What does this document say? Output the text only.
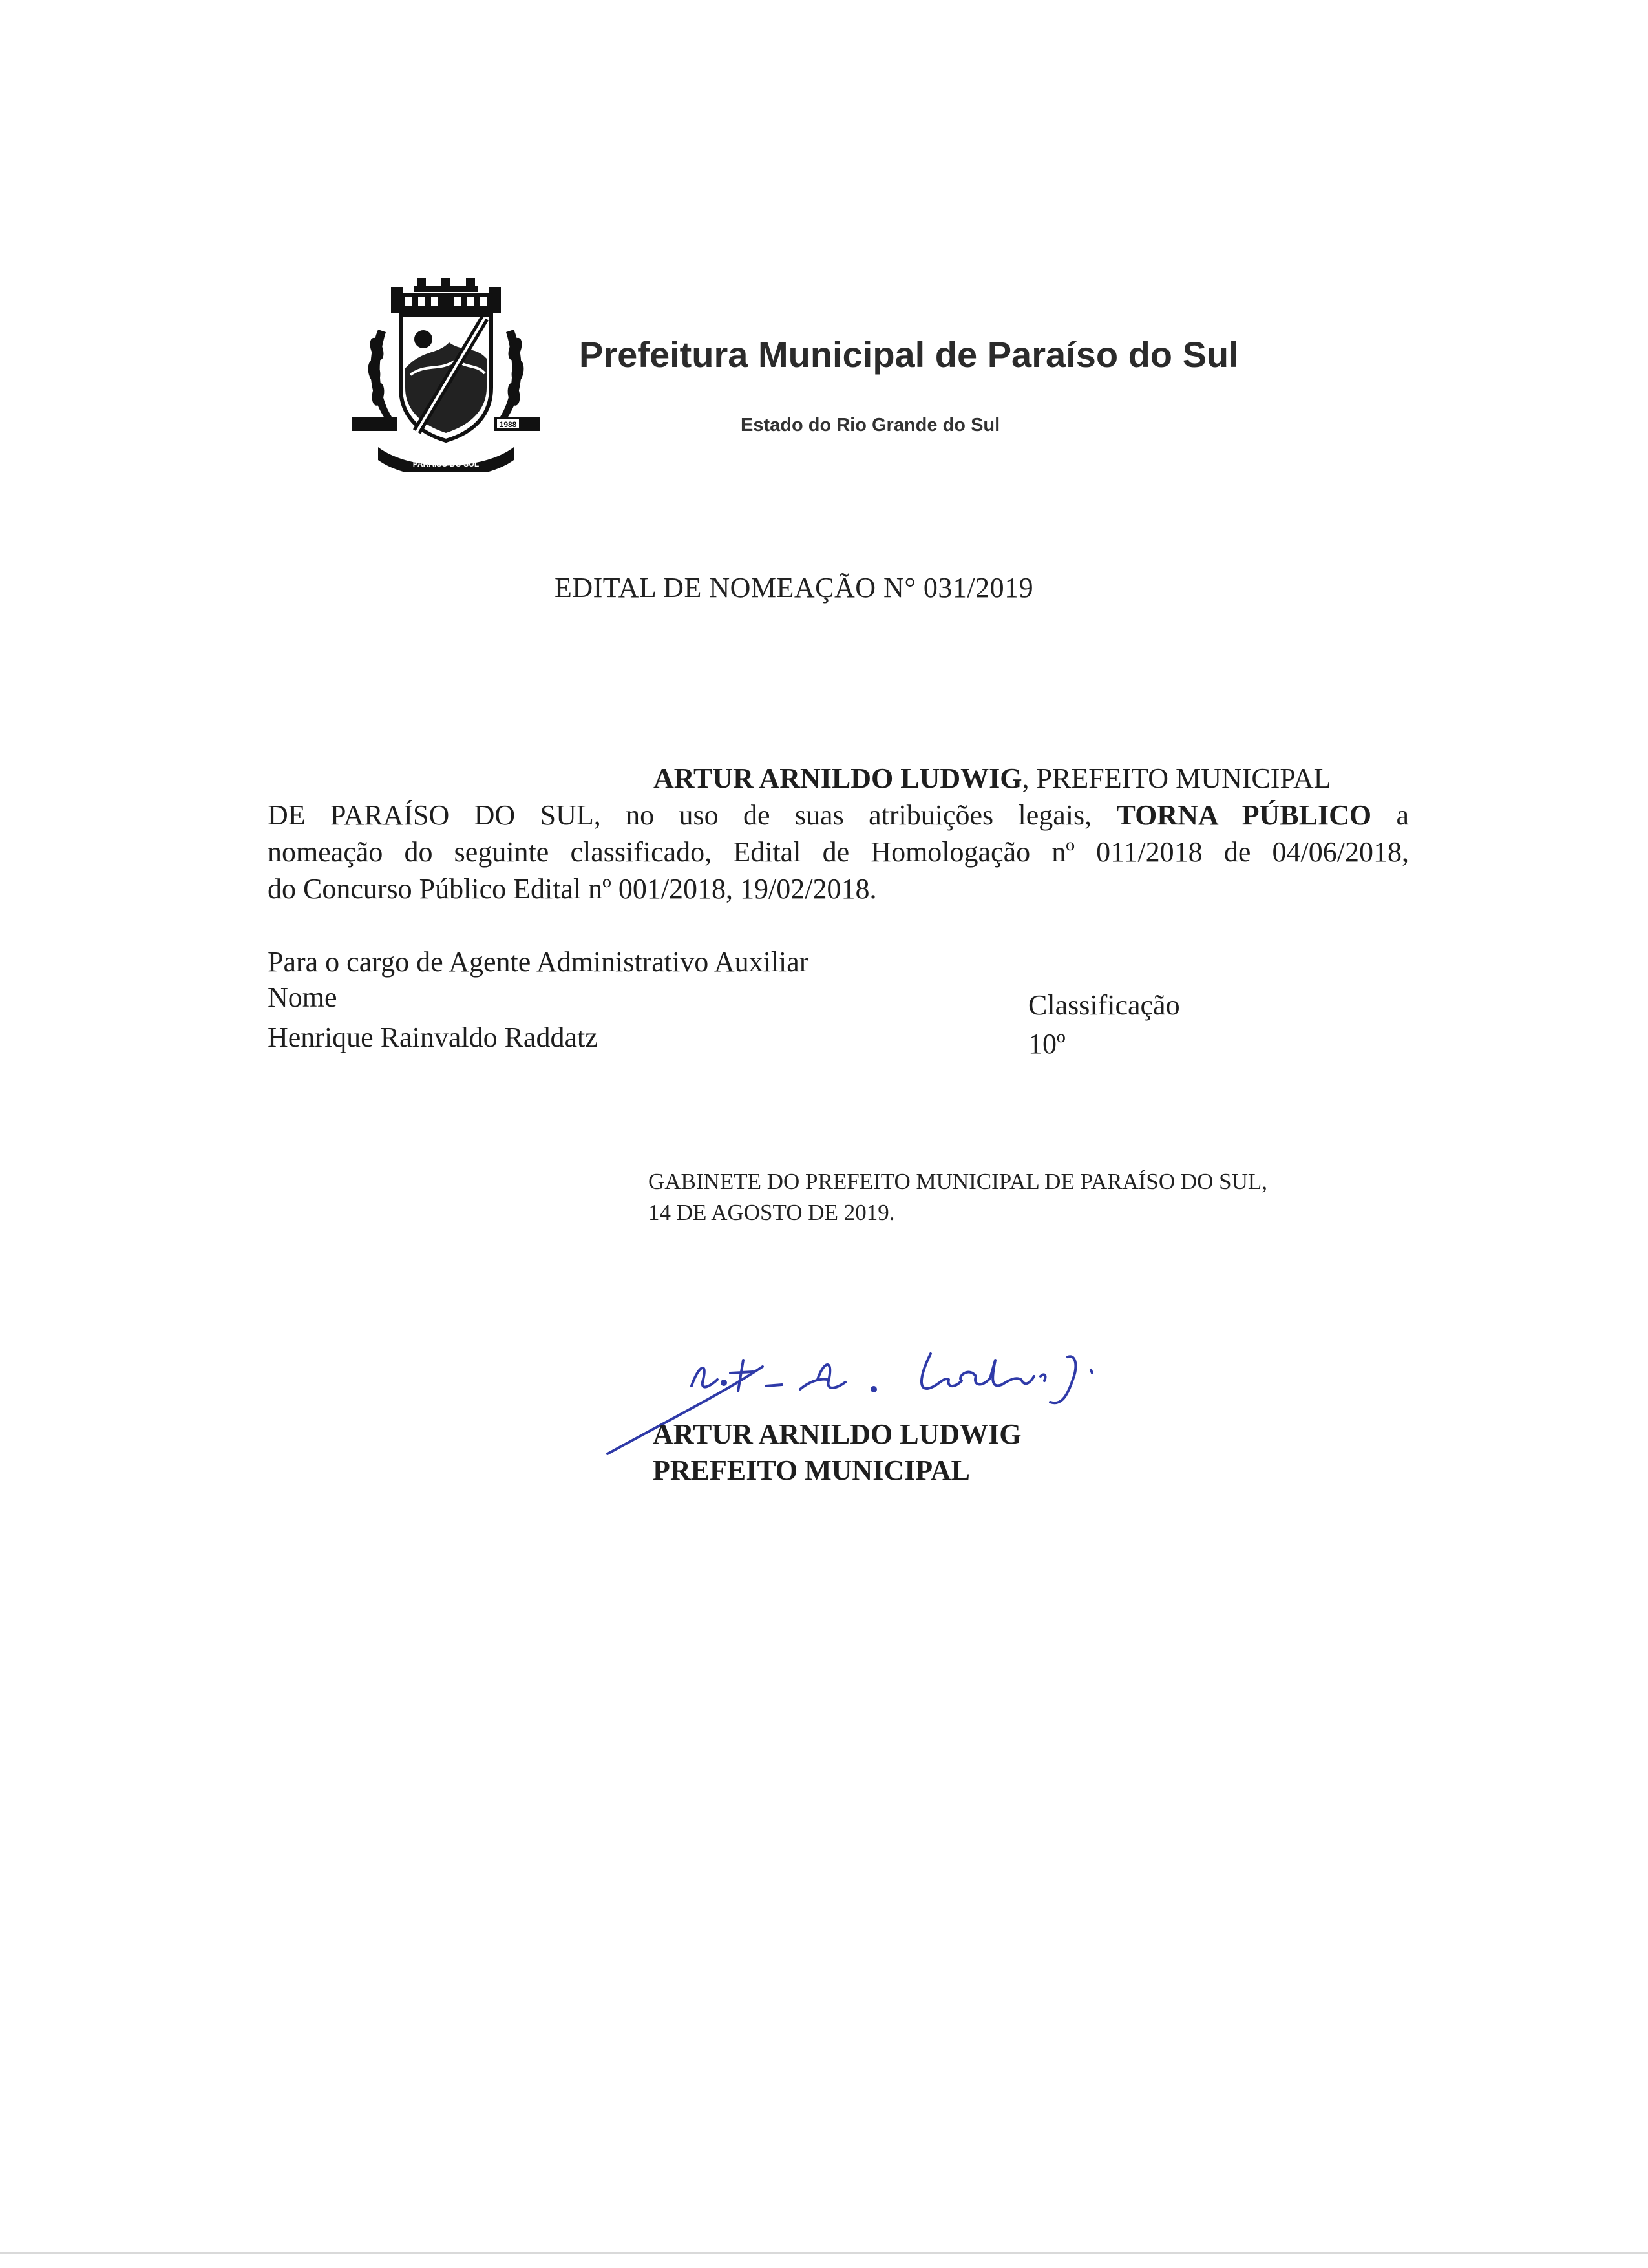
1988
PARAÍSO DO SUL
Prefeitura Municipal de Paraíso do Sul
Estado do Rio Grande do Sul
EDITAL DE NOMEAÇÃO N° 031/2019
ARTUR ARNILDO LUDWIG, PREFEITO MUNICIPAL
DE PARAÍSO DO SUL, no uso de suas atribuições legais, TORNA PÚBLICO a
nomeação do seguinte classificado, Edital de Homologação nº 011/2018 de 04/06/2018,
do Concurso Público Edital nº 001/2018, 19/02/2018.
Para o cargo de Agente Administrativo Auxiliar
Nome	Classificação
Henrique Rainvaldo Raddatz	10º
GABINETE DO PREFEITO MUNICIPAL DE PARAÍSO DO SUL,
14 DE AGOSTO DE 2019.
ARTUR ARNILDO LUDWIG
PREFEITO MUNICIPAL
